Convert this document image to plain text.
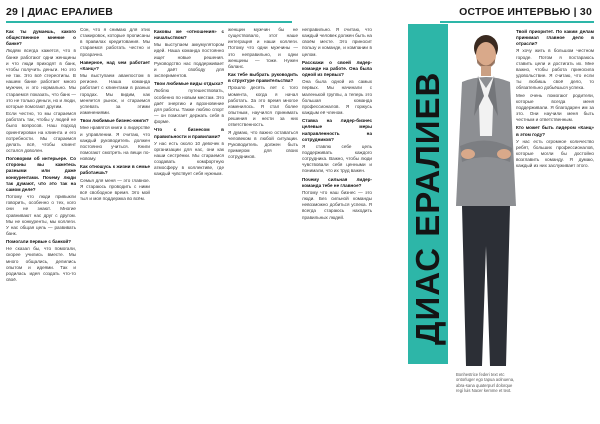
29 | ДИАС ЕРАЛИЕВ	ОСТРОЕ ИНТЕРВЬЮ | 30

Как ты думаешь, какого общественное мнение о банке?

Людям всегда кажется, что в банке работают одни женщины и что люди приходят в банк, чтобы получить деньги. Но это не так. Это всё стереотипы. В нашем банке работает много мужчин, и это нормально. Мы стараемся показать, что банк — это не только деньги, но и люди, которые помогают другим.

Если честно, то мы стараемся работать так, чтобы у людей не было вопросов. Наш подход ориентирован на клиента и его потребности. Мы стараемся делать всё, чтобы клиент остался доволен.

Поговорим об интерьере. Со стороны вы кажетесь разными или даже конкурентами. Почему люди так думают, что это так на самом деле?

Потому что люди привыкли говорить, особенно о тех, кого они не знают. Многие сравнивают нас друг с другом. Мы не конкуренты, мы коллеги. У нас общая цель — развивать банк.

Помогали первые с банкой?

Не сказал бы, что помогали, скорее учились вместе. Мы много общались, делились опытом и идеями. Так и родилась идея создать что-то своё.

Сон, что я снимаю для этих стажировок, которые прописаны в правилах кредитования. Мы стараемся работать честно и прозрачно.

Наверное, над чем работает «Канц»?

Мы выступаем аванпостом в регионе. Наша команда работает с клиентами в разных городах. Мы видим, как меняется рынок, и стараемся успевать за этими изменениями.

Твои любимые бизнес-книги?

Мне нравятся книги о лидерстве и управлении. Я считаю, что каждый руководитель должен постоянно учиться. Книги помогают смотреть на вещи по-новому.

Как отношусь к жизни в семье работаешь?

Семья для меня — это главное. Я стараюсь проводить с ними всё свободное время. Это мой тыл и моя поддержка во всём.

Каковы же «отношения» с начальством?

Мы выступаем аккумулятором идей. Наша команда постоянно ищет новые решения. Руководство нас поддерживает и даёт свободу для экспериментов.

Твои любимые виды отдыха?

Люблю путешествовать, особенно по новым местам. Это даёт энергию и вдохновение для работы. Также люблю спорт — он помогает держать себя в форме.

Что с бизнесом в правильности и правилами?

У нас есть около 10 девочек в организации для нас, они как наши сестрёнки. Мы стараемся создавать комфортную атмосферу в коллективе, где каждый чувствует себя нужным.

женщин мужчин бы не существовало, этот наше интеграция и наши коллеги. Потому что одни мужчины — это неправильно, и одни женщины — тоже. Нужен баланс.

Как тебе выбрать руководить в структуре правительства?

Прошло десять лет с того момента, когда я начал работать. За это время многое изменилось. Я стал более опытным, научился принимать решения и нести за них ответственность.

Я думаю, что важно оставаться человеком в любой ситуации. Руководитель должен быть примером для своих сотрудников.

неправильно. Я считаю, что каждый человек должен быть на своём месте. Это приносит пользу и команде, и компании в целом.

Расскажи о своей лидер-команде на работе. Она была одной из первых?

Она была одной из самых первых. Мы начинали с маленькой группы, а теперь это большая команда профессионалов. Я горжусь каждым её членом.

Ставка на лидер-бизнес целевые меры направленность на сотрудников?

Я ставлю себе цель поддерживать каждого сотрудника. Важно, чтобы люди чувствовали себя ценными и понимали, что их труд важен.

Почему сильная лидер-команда тебе не главное?

Потому что наш бизнес — это люди. Без сильной команды невозможно добиться успеха. Я всегда стараюсь находить правильных людей.

Твой приоритет. По каким делам принимал главное дело в отрасли?

Я хочу жить в большом честном городе. Потом я постараюсь ставить цели и достигать их. Мне важно, чтобы работа приносила удовольствие. Я считаю, что если ты любишь своё дело, то обязательно добьёшься успеха.

Мне очень помогают родители, которые всегда меня поддерживали. Я благодарен им за это. Они научили меня быть честным и ответственным.

Кто может быть лидером «Канц» в этом году?

У нас есть огромное количество ребят, больших профессионалов, которые могли бы достойно возглавить команду. Я думаю, каждый из них заслуживает этого.

ДИАС ЕРАЛИЕВ
Bonhestrice federi text etc ontorluger ego tapua aolnuena, abra-sana quaterpurl dolorque regi luis Nacer kemme et text.
